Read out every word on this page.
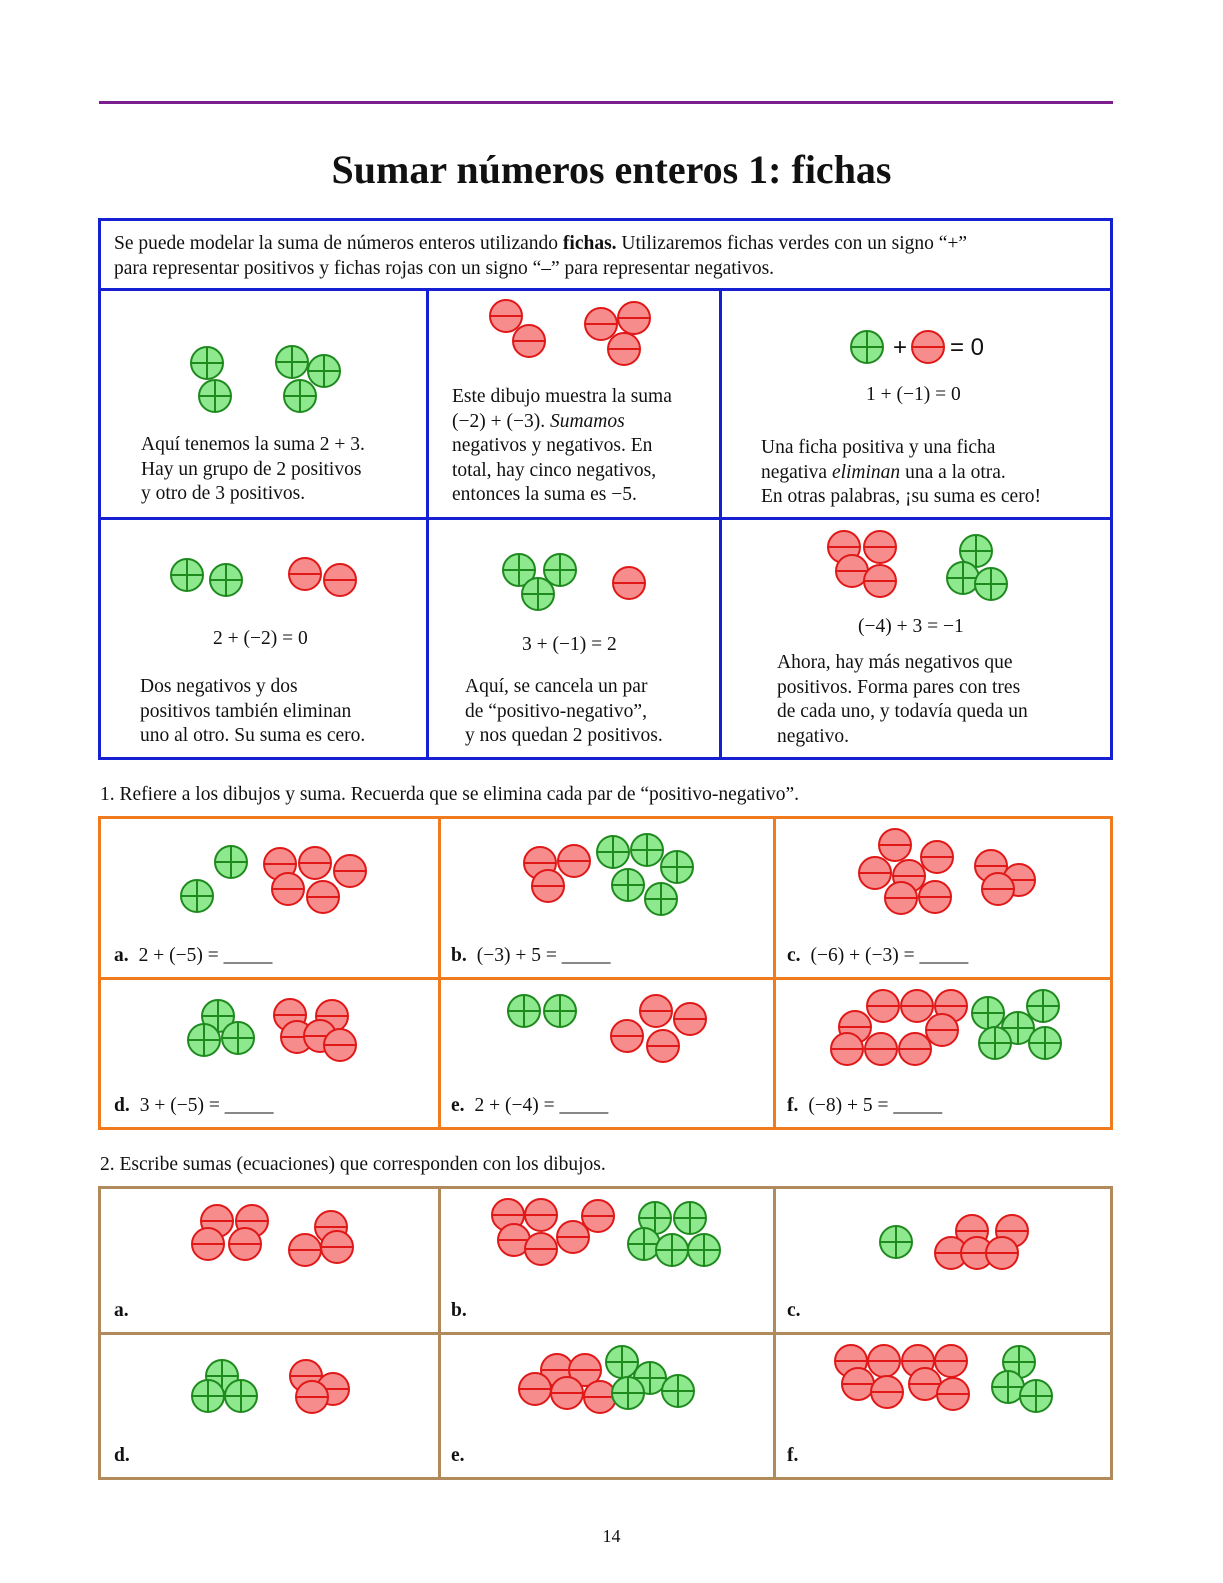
Sumar números enteros 1: fichas
Se puede modelar la suma de números enteros utilizando fichas. Utilizaremos fichas verdes con un signo “+”
para representar positivos y fichas rojas con un signo “–” para representar negativos.
Aquí tenemos la suma 2 + 3.
Hay un grupo de 2 positivos
y otro de 3 positivos.
Este dibujo muestra la suma
(−2) + (−3). Sumamos
negativos y negativos. En
total, hay cinco negativos,
entonces la suma es −5.
+ = 0
1 + (−1) = 0
Una ficha positiva y una ficha
negativa eliminan una a la otra.
En otras palabras, ¡su suma es cero!
2 + (−2) = 0
Dos negativos y dos
positivos también eliminan
uno al otro. Su suma es cero.
3 + (−1) = 2
Aquí, se cancela un par
de “positivo-negativo”,
y nos quedan 2 positivos.
(−4) + 3 = −1
Ahora, hay más negativos que
positivos. Forma pares con tres
de cada uno, y todavía queda un
negativo.
1. Refiere a los dibujos y suma. Recuerda que se elimina cada par de “positivo-negativo”.
a. 2 + (−5) = _____	b. (−3) + 5 = _____	c. (−6) + (−3) = _____
d. 3 + (−5) = _____	e. 2 + (−4) = _____	f. (−8) + 5 = _____
2. Escribe sumas (ecuaciones) que corresponden con los dibujos.
a.	b.	c.
d.	e.	f.
14
